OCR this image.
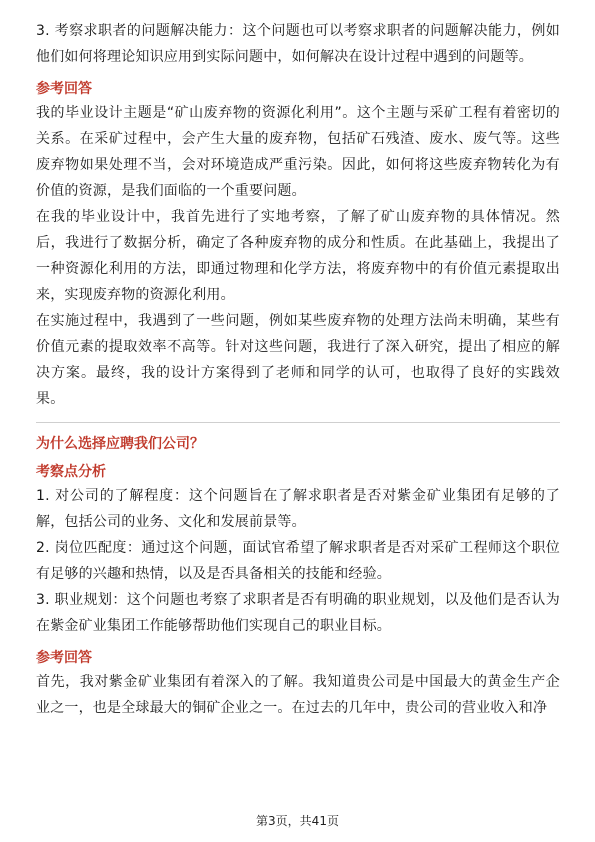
3. 考察求职者的问题解决能力：这个问题也可以考察求职者的问题解决能力，例如他们如何将理论知识应用到实际问题中，如何解决在设计过程中遇到的问题等。

参考回答

我的毕业设计主题是“矿山废弃物的资源化利用”。这个主题与采矿工程有着密切的关系。在采矿过程中，会产生大量的废弃物，包括矿石残渣、废水、废气等。这些废弃物如果处理不当，会对环境造成严重污染。因此，如何将这些废弃物转化为有价值的资源，是我们面临的一个重要问题。

在我的毕业设计中，我首先进行了实地考察，了解了矿山废弃物的具体情况。然后，我进行了数据分析，确定了各种废弃物的成分和性质。在此基础上，我提出了一种资源化利用的方法，即通过物理和化学方法，将废弃物中的有价值元素提取出来，实现废弃物的资源化利用。

在实施过程中，我遇到了一些问题，例如某些废弃物的处理方法尚未明确，某些有价值元素的提取效率不高等。针对这些问题，我进行了深入研究，提出了相应的解决方案。最终，我的设计方案得到了老师和同学的认可，也取得了良好的实践效果。

为什么选择应聘我们公司？

考察点分析

1. 对公司的了解程度：这个问题旨在了解求职者是否对紫金矿业集团有足够的了解，包括公司的业务、文化和发展前景等。

2. 岗位匹配度：通过这个问题，面试官希望了解求职者是否对采矿工程师这个职位有足够的兴趣和热情，以及是否具备相关的技能和经验。

3. 职业规划：这个问题也考察了求职者是否有明确的职业规划，以及他们是否认为在紫金矿业集团工作能够帮助他们实现自己的职业目标。

参考回答

首先，我对紫金矿业集团有着深入的了解。我知道贵公司是中国最大的黄金生产企业之一，也是全球最大的铜矿企业之一。在过去的几年中，贵公司的营业收入和净

第3页，共41页
